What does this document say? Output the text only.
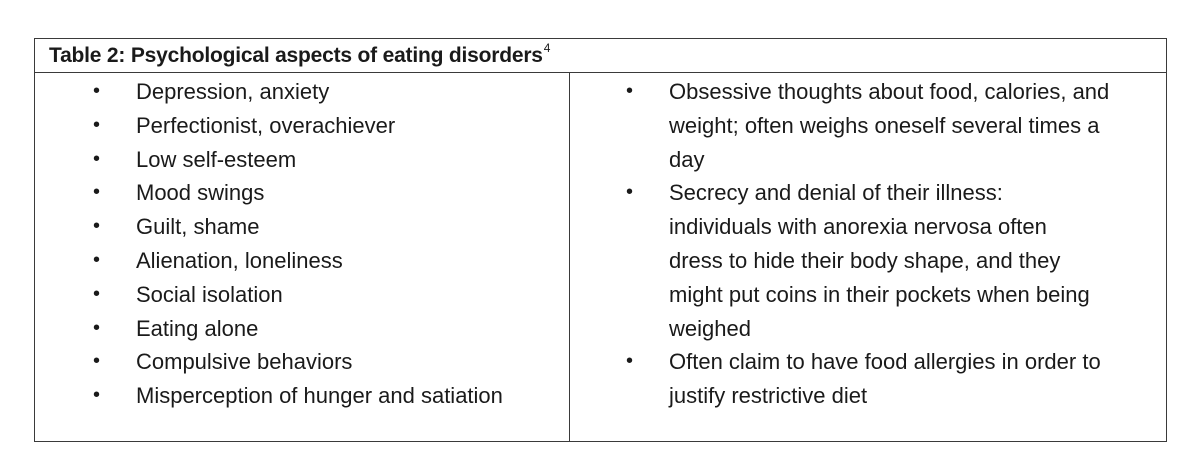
Table 2: Psychological aspects of eating disorders$^4$
• Depression, anxiety
• Perfectionist, overachiever
• Low self-esteem
• Mood swings
• Guilt, shame
• Alienation, loneliness
• Social isolation
• Eating alone
• Compulsive behaviors
• Misperception of hunger and satiation
• Obsessive thoughts about food, calories, and
weight; often weighs oneself several times a
day
• Secrecy and denial of their illness:
individuals with anorexia nervosa often
dress to hide their body shape, and they
might put coins in their pockets when being
weighed
• Often claim to have food allergies in order to
justify restrictive diet
